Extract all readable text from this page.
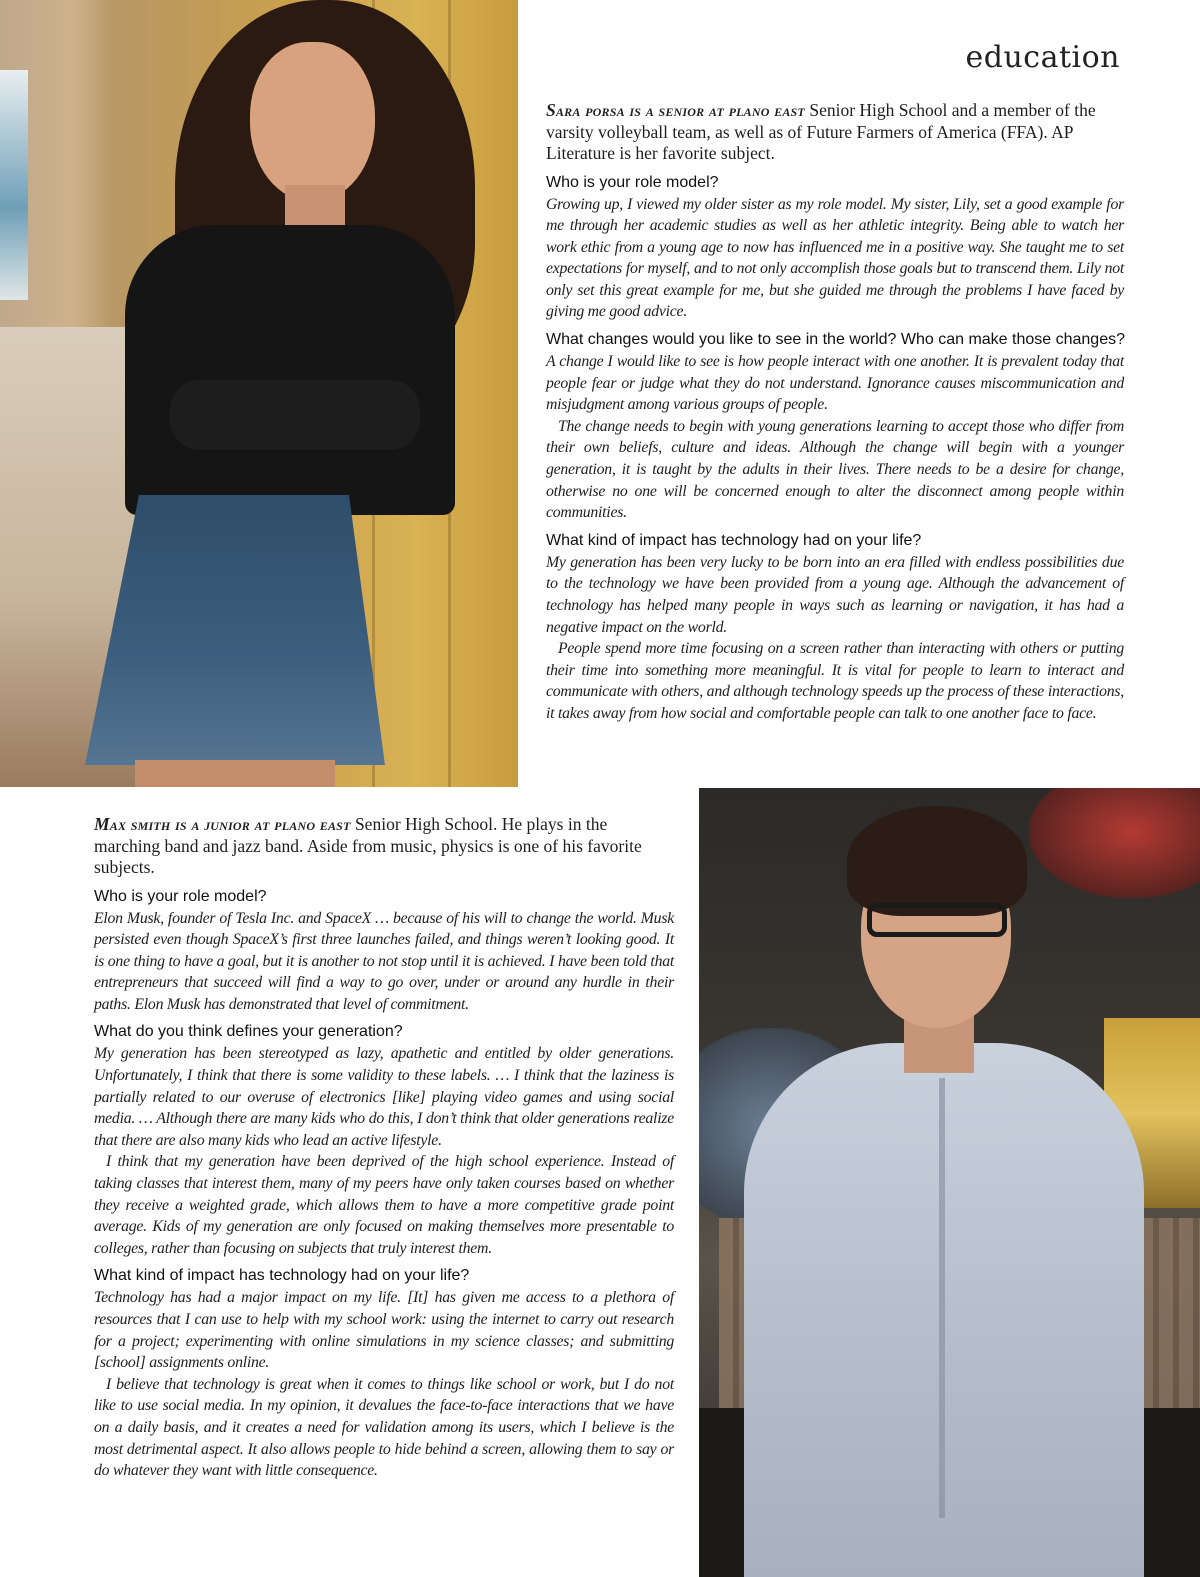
education

Sara porsa is a senior at plano east Senior High School and a member of the varsity volleyball team, as well as of Future Farmers of America (FFA). AP Literature is her favorite subject.

Who is your role model?

Growing up, I viewed my older sister as my role model. My sister, Lily, set a good example for me through her academic studies as well as her athletic integrity. Being able to watch her work ethic from a young age to now has influenced me in a positive way. She taught me to set expectations for myself, and to not only accomplish those goals but to transcend them. Lily not only set this great example for me, but she guided me through the problems I have faced by giving me good advice.

What changes would you like to see in the world? Who can make those changes?

A change I would like to see is how people interact with one another. It is prevalent today that people fear or judge what they do not understand. Ignorance causes miscommunication and misjudgment among various groups of people.

The change needs to begin with young generations learning to accept those who differ from their own beliefs, culture and ideas. Although the change will begin with a younger generation, it is taught by the adults in their lives. There needs to be a desire for change, otherwise no one will be concerned enough to alter the disconnect among people within communities.

What kind of impact has technology had on your life?

My generation has been very lucky to be born into an era filled with endless possibilities due to the technology we have been provided from a young age. Although the advancement of technology has helped many people in ways such as learning or navigation, it has had a negative impact on the world.

People spend more time focusing on a screen rather than interacting with others or putting their time into something more meaningful. It is vital for people to learn to interact and communicate with others, and although technology speeds up the process of these interactions, it takes away from how social and comfortable people can talk to one another face to face.

Max smith is a junior at plano east Senior High School. He plays in the marching band and jazz band. Aside from music, physics is one of his favorite subjects.

Who is your role model?

Elon Musk, founder of Tesla Inc. and SpaceX … because of his will to change the world. Musk persisted even though SpaceX’s first three launches failed, and things weren’t looking good. It is one thing to have a goal, but it is another to not stop until it is achieved. I have been told that entrepreneurs that succeed will find a way to go over, under or around any hurdle in their paths. Elon Musk has demonstrated that level of commitment.

What do you think defines your generation?

My generation has been stereotyped as lazy, apathetic and entitled by older generations. Unfortunately, I think that there is some validity to these labels. … I think that the laziness is partially related to our overuse of electronics [like] playing video games and using social media. … Although there are many kids who do this, I don’t think that older generations realize that there are also many kids who lead an active lifestyle.

I think that my generation have been deprived of the high school experience. Instead of taking classes that interest them, many of my peers have only taken courses based on whether they receive a weighted grade, which allows them to have a more competitive grade point average. Kids of my generation are only focused on making themselves more presentable to colleges, rather than focusing on subjects that truly interest them.

What kind of impact has technology had on your life?

Technology has had a major impact on my life. [It] has given me access to a plethora of resources that I can use to help with my school work: using the internet to carry out research for a project; experimenting with online simulations in my science classes; and submitting [school] assignments online.

I believe that technology is great when it comes to things like school or work, but I do not like to use social media. In my opinion, it devalues the face-to-face interactions that we have on a daily basis, and it creates a need for validation among its users, which I believe is the most detrimental aspect. It also allows people to hide behind a screen, allowing them to say or do whatever they want with little consequence.
